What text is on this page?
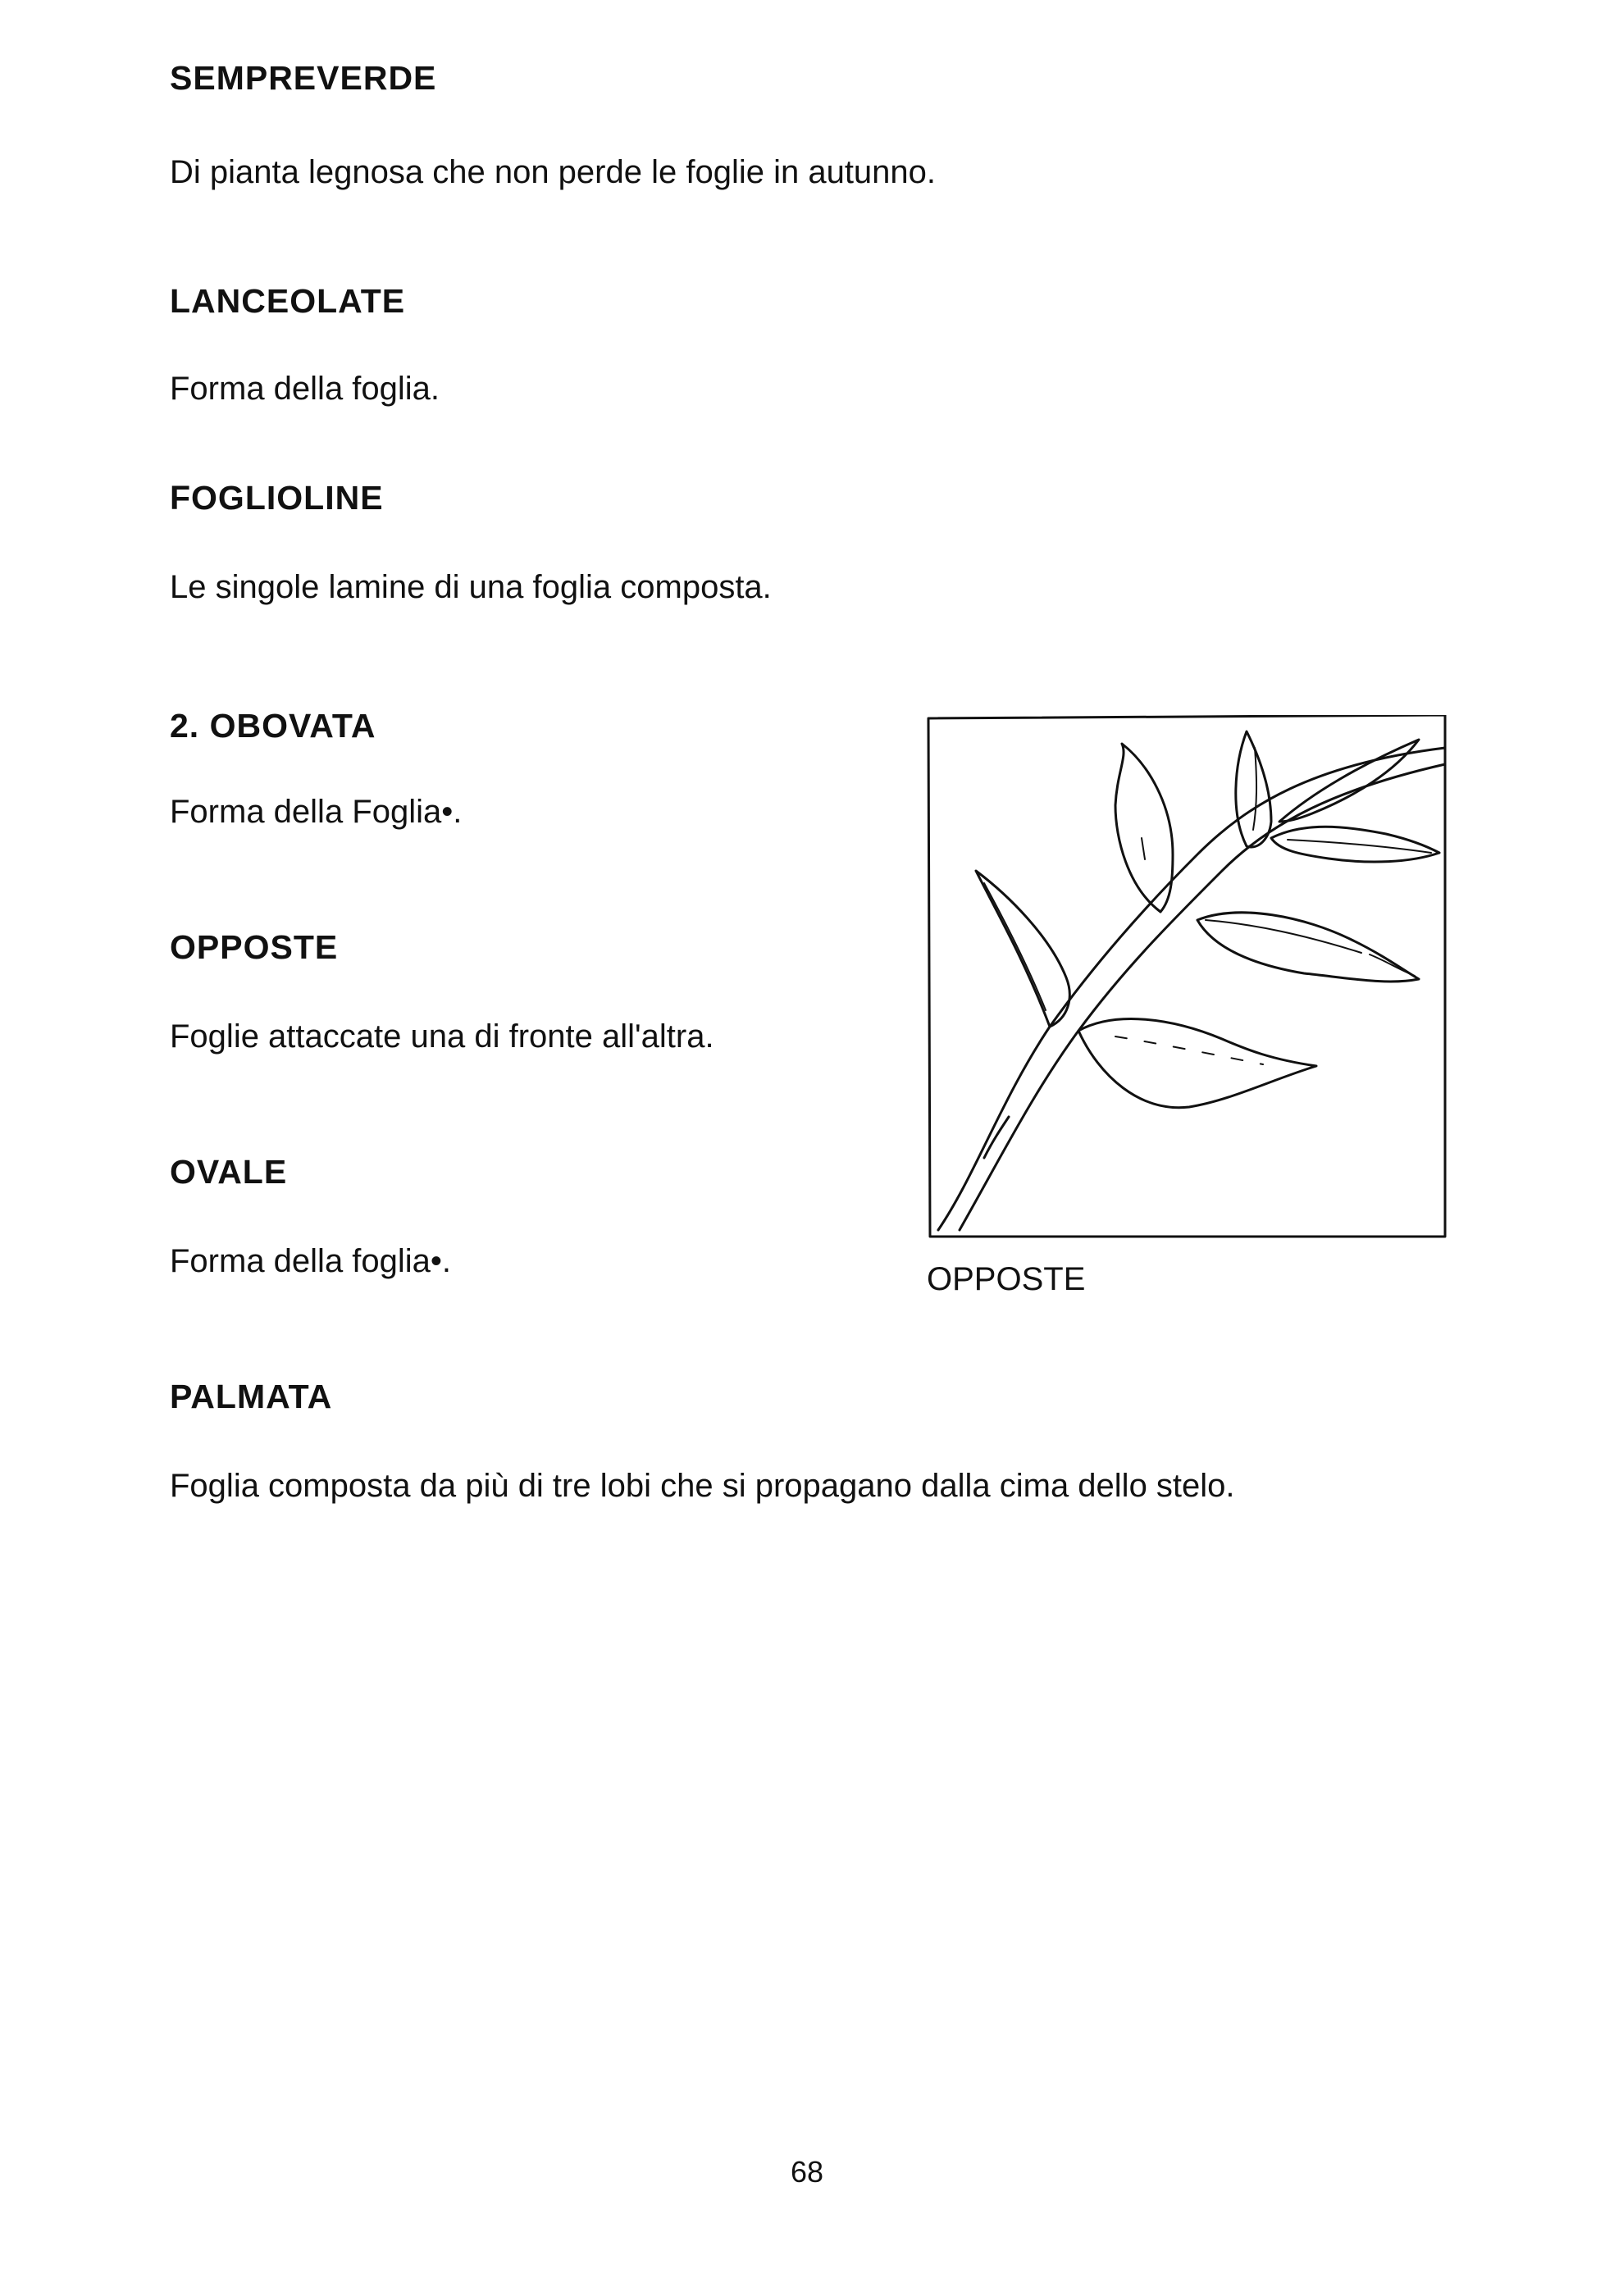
SEMPREVERDE

Di pianta legnosa che non perde le foglie in autunno.

LANCEOLATE

Forma della foglia.

FOGLIOLINE

Le singole lamine di una foglia composta.

2. OBOVATA

Forma della Foglia•.

OPPOSTE

Foglie attaccate una di fronte all'altra.

OVALE

Forma della foglia•.

PALMATA

Foglia composta da più di tre lobi che si propagano dalla cima dello stelo.

OPPOSTE

68
